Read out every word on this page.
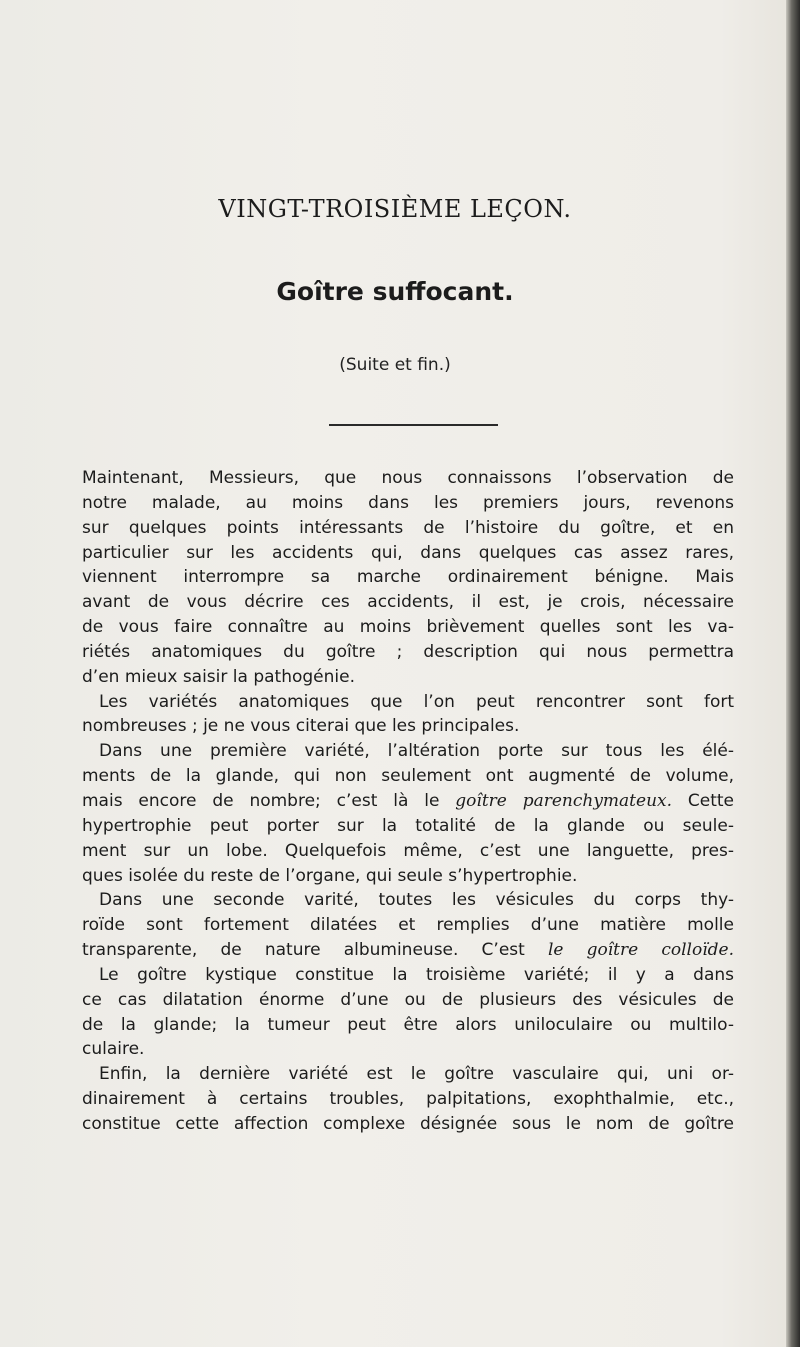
VINGT-TROISIÈME LEÇON.
Goître suffocant.
(Suite et fin.)
Maintenant, Messieurs, que nous connaissons l’observation de
notre malade, au moins dans les premiers jours, revenons
sur quelques points intéressants de l’histoire du goître, et en
particulier sur les accidents qui, dans quelques cas assez rares,
viennent interrompre sa marche ordinairement bénigne. Mais
avant de vous décrire ces accidents, il est, je crois, nécessaire
de vous faire connaître au moins brièvement quelles sont les va-
riétés anatomiques du goître ; description qui nous permettra
d’en mieux saisir la pathogénie.
Les variétés anatomiques que l’on peut rencontrer sont fort
nombreuses ; je ne vous citerai que les principales.
Dans une première variété, l’altération porte sur tous les élé-
ments de la glande, qui non seulement ont augmenté de volume,
mais encore de nombre; c’est là le goître parenchymateux. Cette
hypertrophie peut porter sur la totalité de la glande ou seule-
ment sur un lobe. Quelquefois même, c’est une languette, pres-
ques isolée du reste de l’organe, qui seule s’hypertrophie.
Dans une seconde varité, toutes les vésicules du corps thy-
roïde sont fortement dilatées et remplies d’une matière molle
transparente, de nature albumineuse. C’est le goître colloïde.
Le goître kystique constitue la troisième variété; il y a dans
ce cas dilatation énorme d’une ou de plusieurs des vésicules de
de la glande; la tumeur peut être alors uniloculaire ou multilo-
culaire.
Enfin, la dernière variété est le goître vasculaire qui, uni or-
dinairement à certains troubles, palpitations, exophthalmie, etc.,
constitue cette affection complexe désignée sous le nom de goître
